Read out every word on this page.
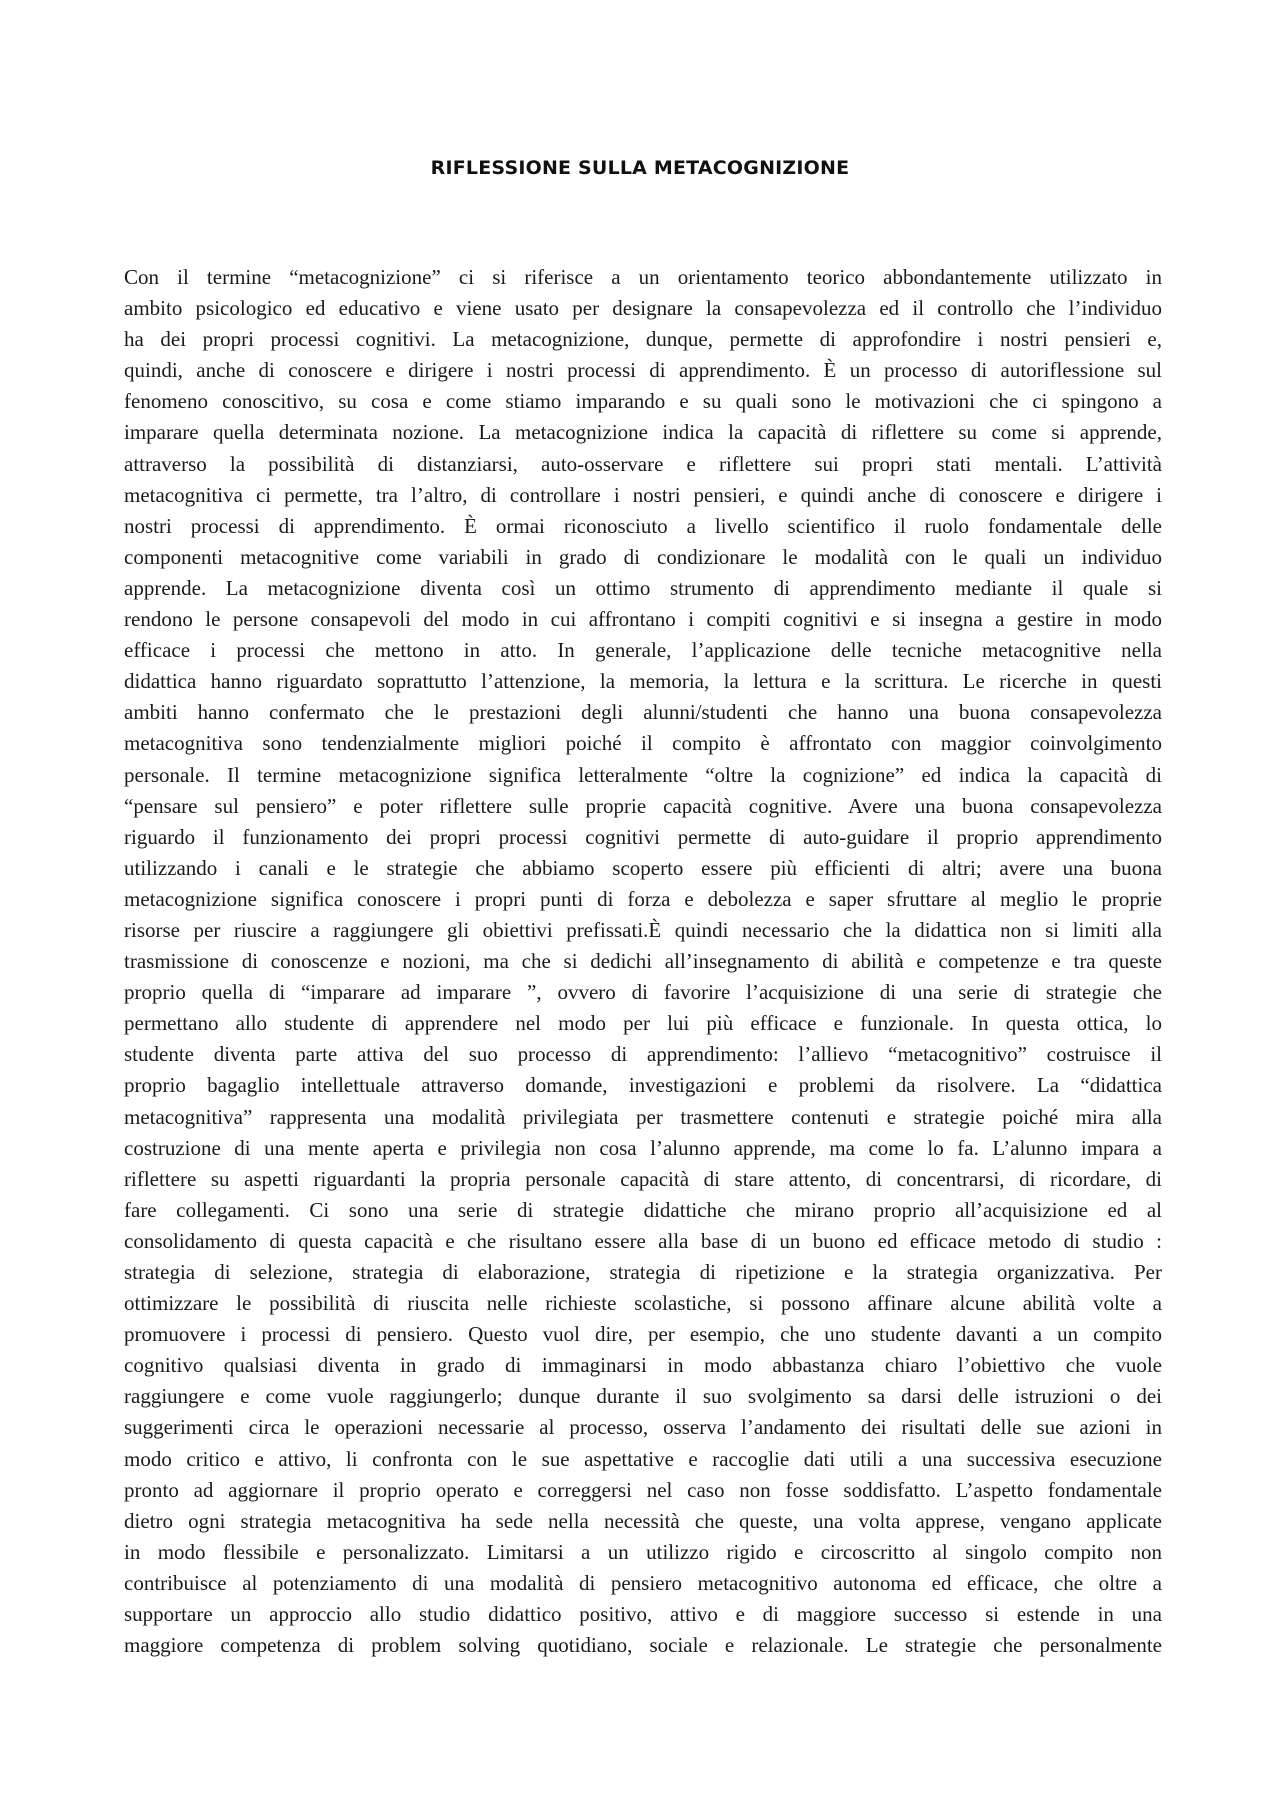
RIFLESSIONE SULLA METACOGNIZIONE
Con il termine “metacognizione” ci si riferisce a un orientamento teorico abbondantemente utilizzato in
ambito psicologico ed educativo e viene usato per designare la consapevolezza ed il controllo che l’individuo
ha dei propri processi cognitivi. La metacognizione, dunque, permette di approfondire i nostri pensieri e,
quindi, anche di conoscere e dirigere i nostri processi di apprendimento. È un processo di autoriflessione sul
fenomeno conoscitivo, su cosa e come stiamo imparando e su quali sono le motivazioni che ci spingono a
imparare quella determinata nozione. La metacognizione indica la capacità di riflettere su come si apprende,
attraverso la possibilità di distanziarsi, auto-osservare e riflettere sui propri stati mentali. L’attività
metacognitiva ci permette, tra l’altro, di controllare i nostri pensieri, e quindi anche di conoscere e dirigere i
nostri processi di apprendimento. È ormai riconosciuto a livello scientifico il ruolo fondamentale delle
componenti metacognitive come variabili in grado di condizionare le modalità con le quali un individuo
apprende. La metacognizione diventa così un ottimo strumento di apprendimento mediante il quale si
rendono le persone consapevoli del modo in cui affrontano i compiti cognitivi e si insegna a gestire in modo
efficace i processi che mettono in atto. In generale, l’applicazione delle tecniche metacognitive nella
didattica hanno riguardato soprattutto l’attenzione, la memoria, la lettura e la scrittura. Le ricerche in questi
ambiti hanno confermato che le prestazioni degli alunni/studenti che hanno una buona consapevolezza
metacognitiva sono tendenzialmente migliori poiché il compito è affrontato con maggior coinvolgimento
personale. Il termine metacognizione significa letteralmente “oltre la cognizione” ed indica la capacità di
“pensare sul pensiero” e poter riflettere sulle proprie capacità cognitive. Avere una buona consapevolezza
riguardo il funzionamento dei propri processi cognitivi permette di auto-guidare il proprio apprendimento
utilizzando i canali e le strategie che abbiamo scoperto essere più efficienti di altri; avere una buona
metacognizione significa conoscere i propri punti di forza e debolezza e saper sfruttare al meglio le proprie
risorse per riuscire a raggiungere gli obiettivi prefissati.È quindi necessario che la didattica non si limiti alla
trasmissione di conoscenze e nozioni, ma che si dedichi all’insegnamento di abilità e competenze e tra queste
proprio quella di “imparare ad imparare ”, ovvero di favorire l’acquisizione di una serie di strategie che
permettano allo studente di apprendere nel modo per lui più efficace e funzionale. In questa ottica, lo
studente diventa parte attiva del suo processo di apprendimento: l’allievo “metacognitivo” costruisce il
proprio bagaglio intellettuale attraverso domande, investigazioni e problemi da risolvere. La “didattica
metacognitiva” rappresenta una modalità privilegiata per trasmettere contenuti e strategie poiché mira alla
costruzione di una mente aperta e privilegia non cosa l’alunno apprende, ma come lo fa. L’alunno impara a
riflettere su aspetti riguardanti la propria personale capacità di stare attento, di concentrarsi, di ricordare, di
fare collegamenti. Ci sono una serie di strategie didattiche che mirano proprio all’acquisizione ed al
consolidamento di questa capacità e che risultano essere alla base di un buono ed efficace metodo di studio :
strategia di selezione, strategia di elaborazione, strategia di ripetizione e la strategia organizzativa. Per
ottimizzare le possibilità di riuscita nelle richieste scolastiche, si possono affinare alcune abilità volte a
promuovere i processi di pensiero. Questo vuol dire, per esempio, che uno studente davanti a un compito
cognitivo qualsiasi diventa in grado di immaginarsi in modo abbastanza chiaro l’obiettivo che vuole
raggiungere e come vuole raggiungerlo; dunque durante il suo svolgimento sa darsi delle istruzioni o dei
suggerimenti circa le operazioni necessarie al processo, osserva l’andamento dei risultati delle sue azioni in
modo critico e attivo, li confronta con le sue aspettative e raccoglie dati utili a una successiva esecuzione
pronto ad aggiornare il proprio operato e correggersi nel caso non fosse soddisfatto. L’aspetto fondamentale
dietro ogni strategia metacognitiva ha sede nella necessità che queste, una volta apprese, vengano applicate
in modo flessibile e personalizzato. Limitarsi a un utilizzo rigido e circoscritto al singolo compito non
contribuisce al potenziamento di una modalità di pensiero metacognitivo autonoma ed efficace, che oltre a
supportare un approccio allo studio didattico positivo, attivo e di maggiore successo si estende in una
maggiore competenza di problem solving quotidiano, sociale e relazionale. Le strategie che personalmente
